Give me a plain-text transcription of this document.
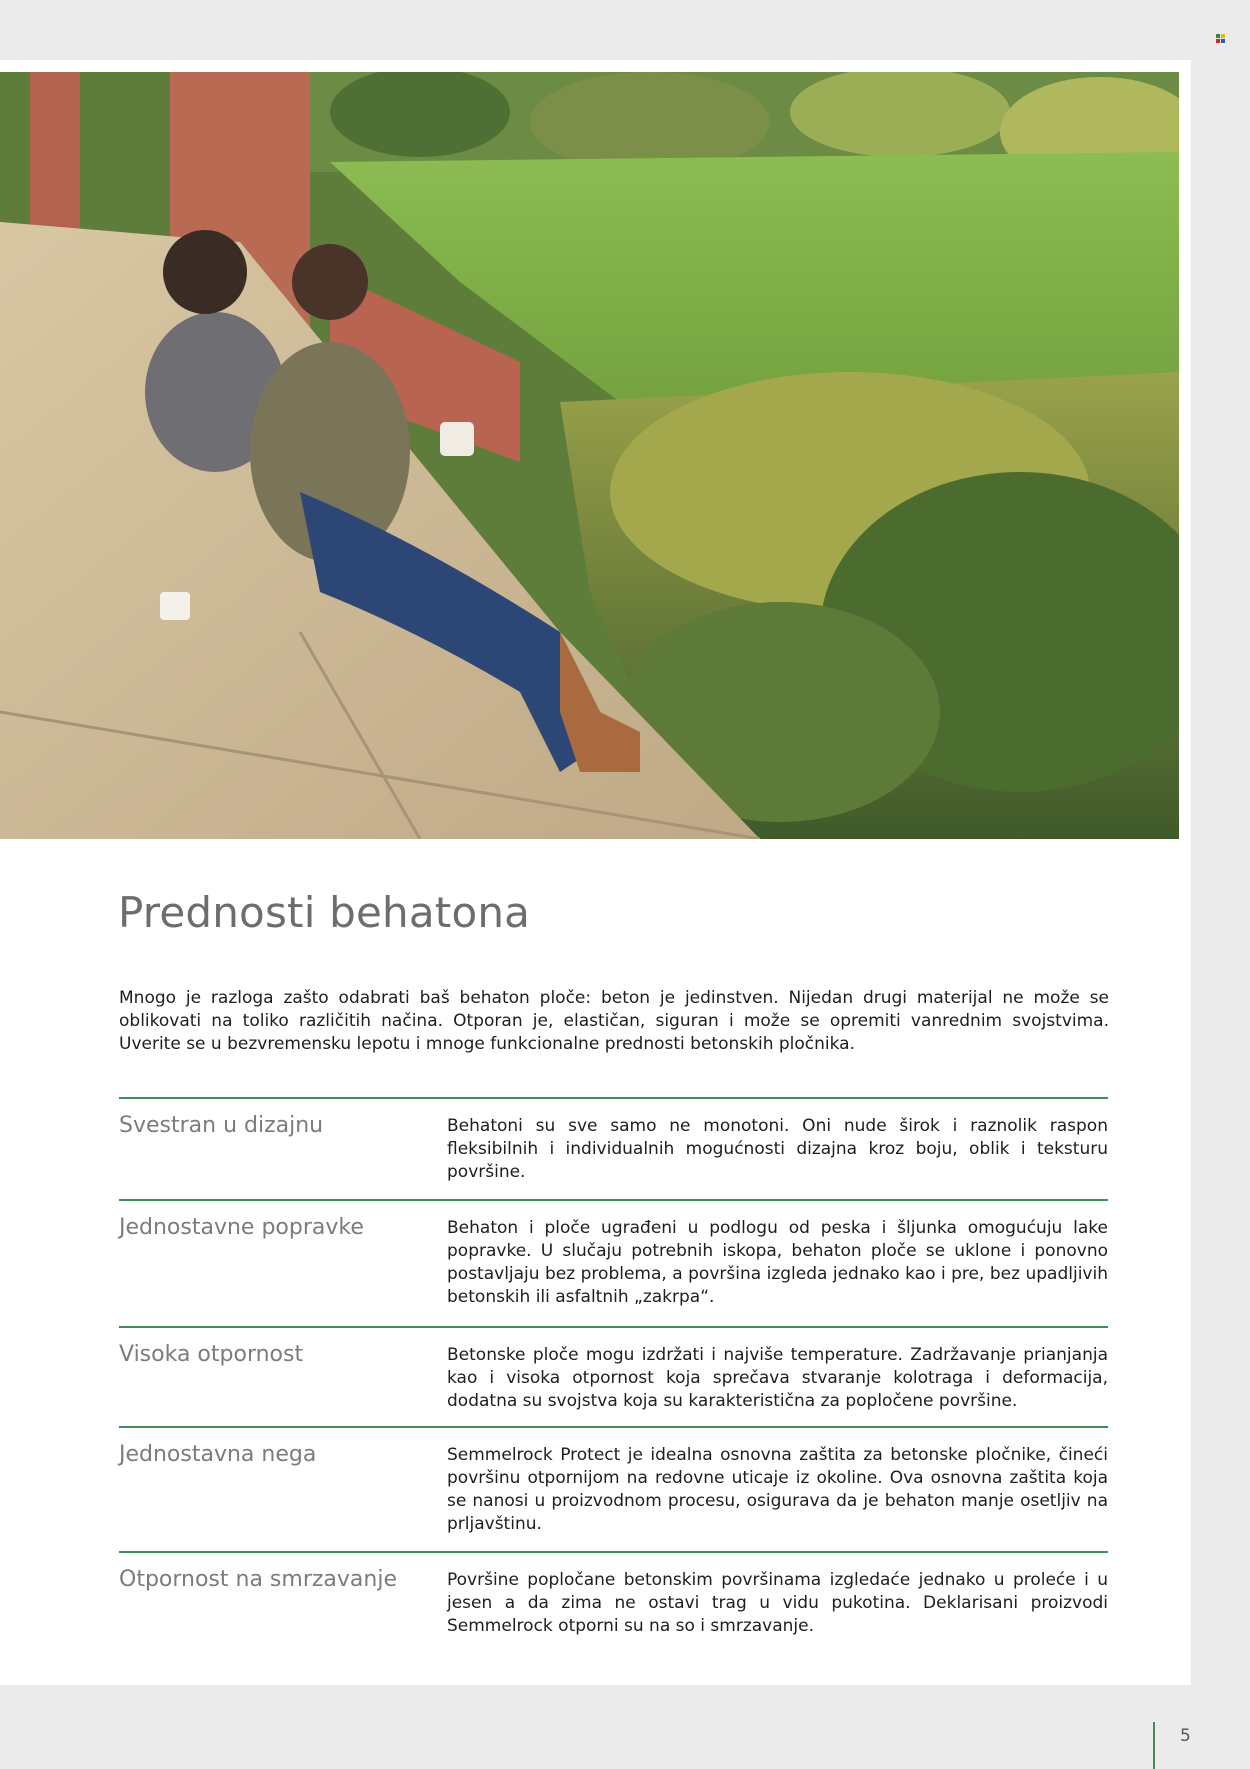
Prednosti behatona

Mnogo je razloga zašto odabrati baš behaton ploče: beton je jedinstven. Nijedan drugi materijal ne može se oblikovati na toliko različitih načina. Otporan je, elastičan, siguran i može se opremiti vanrednim svojstvima. Uverite se u bezvremensku lepotu i mnoge funkcionalne prednosti betonskih pločnika.

Svestran u dizajnu	Behatoni su sve samo ne monotoni. Oni nude širok i raznolik raspon fleksibilnih i individualnih mogućnosti dizajna kroz boju, oblik i teksturu površine.

Jednostavne popravke	Behaton i ploče ugrađeni u podlogu od peska i šljunka omogućuju lake popravke. U slučaju potrebnih iskopa, behaton ploče se uklone i ponovno postavljaju bez problema, a površina izgleda jednako kao i pre, bez upadljivih betonskih ili asfaltnih „zakrpa“.

Visoka otpornost	Betonske ploče mogu izdržati i najviše temperature. Zadržavanje prianjanja kao i visoka otpornost koja sprečava stvaranje kolotraga i deformacija, dodatna su svojstva koja su karakteristična za popločene površine.

Jednostavna nega	Semmelrock Protect je idealna osnovna zaštita za betonske pločnike, čineći površinu otpornijom na redovne uticaje iz okoline. Ova osnovna zaštita koja se nanosi u proizvodnom procesu, osigurava da je behaton manje osetljiv na prljavštinu.

Otpornost na smrzavanje	Površine popločane betonskim površinama izgledaće jednako u proleće i u jesen a da zima ne ostavi trag u vidu pukotina. Deklarisani proizvodi Semmelrock otporni su na so i smrzavanje.

5
